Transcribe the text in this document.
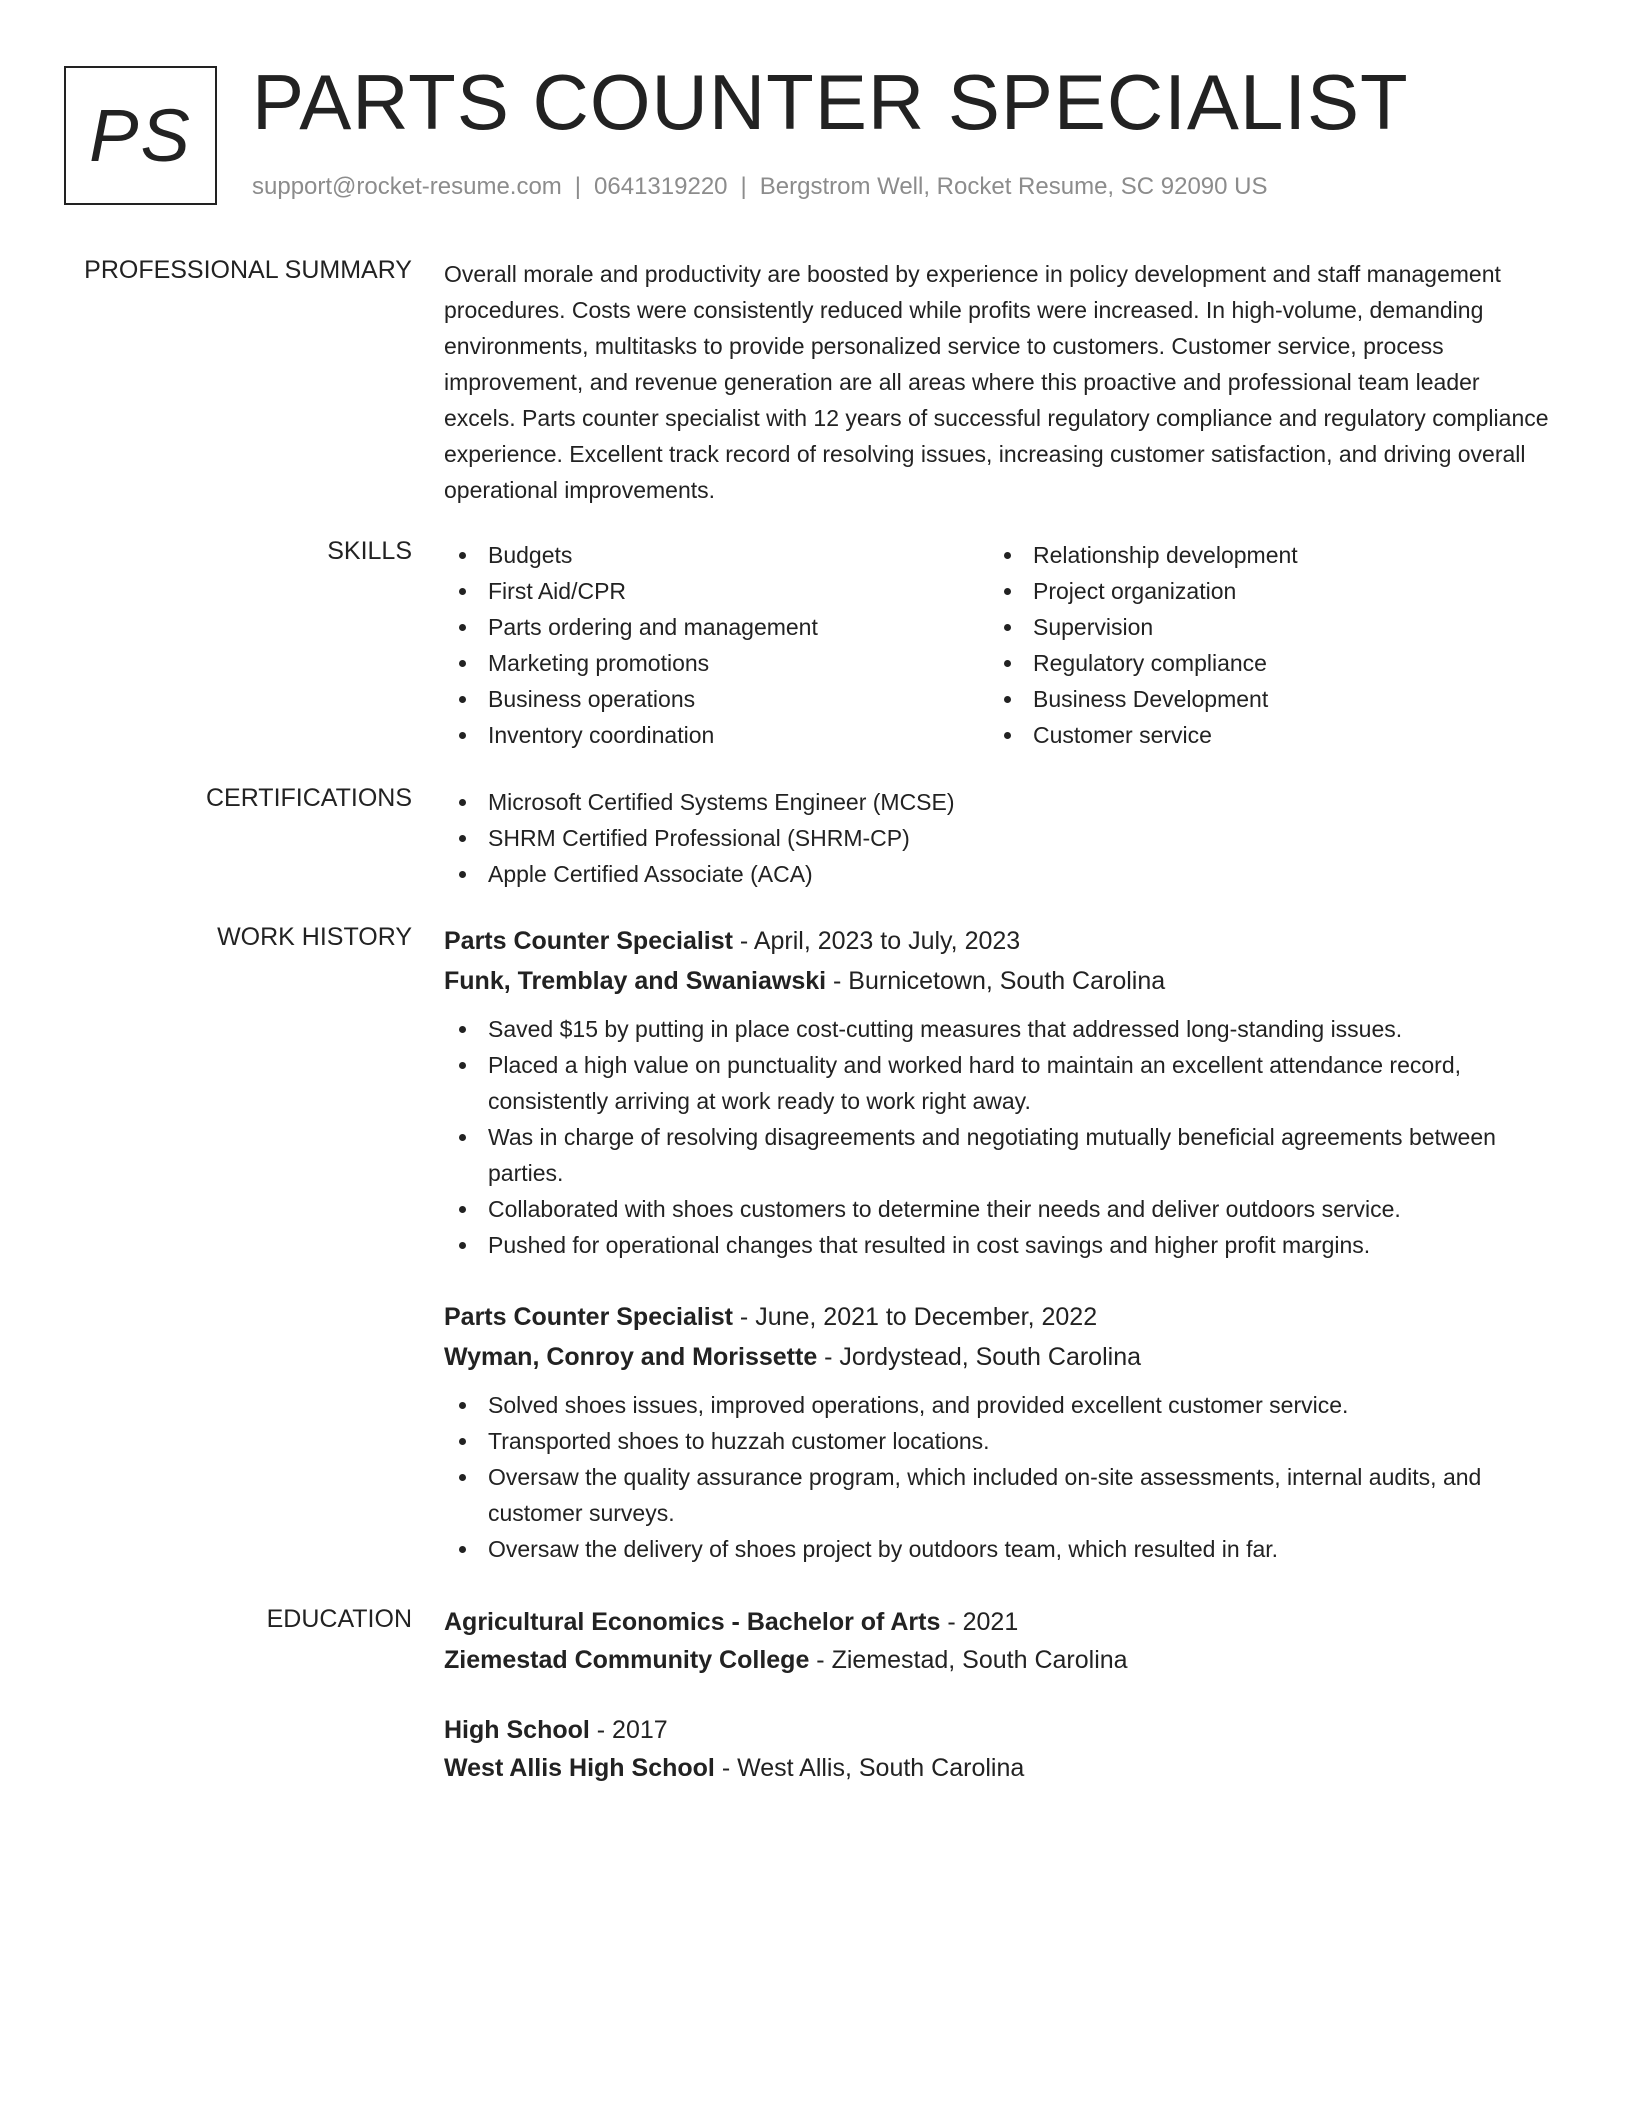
PS PARTS COUNTER SPECIALIST
support@rocket-resume.com | 0641319220 | Bergstrom Well, Rocket Resume, SC 92090 US
PROFESSIONAL SUMMARY Overall morale and productivity are boosted by experience in policy development and staff management procedures. Costs were consistently reduced while profits were increased. In high-volume, demanding environments, multitasks to provide personalized service to customers. Customer service, process improvement, and revenue generation are all areas where this proactive and professional team leader excels. Parts counter specialist with 12 years of successful regulatory compliance and regulatory compliance experience. Excellent track record of resolving issues, increasing customer satisfaction, and driving overall operational improvements.

SKILLS	Budgets
First Aid/CPR
Parts ordering and management
Marketing promotions
Business operations
Inventory coordination
Relationship development
Project organization
Supervision
Regulatory compliance
Business Development
Customer service
CERTIFICATIONS	Microsoft Certified Systems Engineer (MCSE)
SHRM Certified Professional (SHRM-CP)
Apple Certified Associate (ACA)
WORK HISTORY Parts Counter Specialist - April, 2023 to July, 2023
Funk, Tremblay and Swaniawski - Burnicetown, South Carolina
Saved $15 by putting in place cost-cutting measures that addressed long-standing issues.
Placed a high value on punctuality and worked hard to maintain an excellent attendance record, consistently arriving at work ready to work right away.
Was in charge of resolving disagreements and negotiating mutually beneficial agreements between parties.
Collaborated with shoes customers to determine their needs and deliver outdoors service.
Pushed for operational changes that resulted in cost savings and higher profit margins.
Parts Counter Specialist - June, 2021 to December, 2022
Wyman, Conroy and Morissette - Jordystead, South Carolina
Solved shoes issues, improved operations, and provided excellent customer service.
Transported shoes to huzzah customer locations.
Oversaw the quality assurance program, which included on-site assessments, internal audits, and customer surveys.
Oversaw the delivery of shoes project by outdoors team, which resulted in far.
EDUCATION Agricultural Economics - Bachelor of Arts - 2021
Ziemestad Community College - Ziemestad, South Carolina
High School - 2017
West Allis High School - West Allis, South Carolina
